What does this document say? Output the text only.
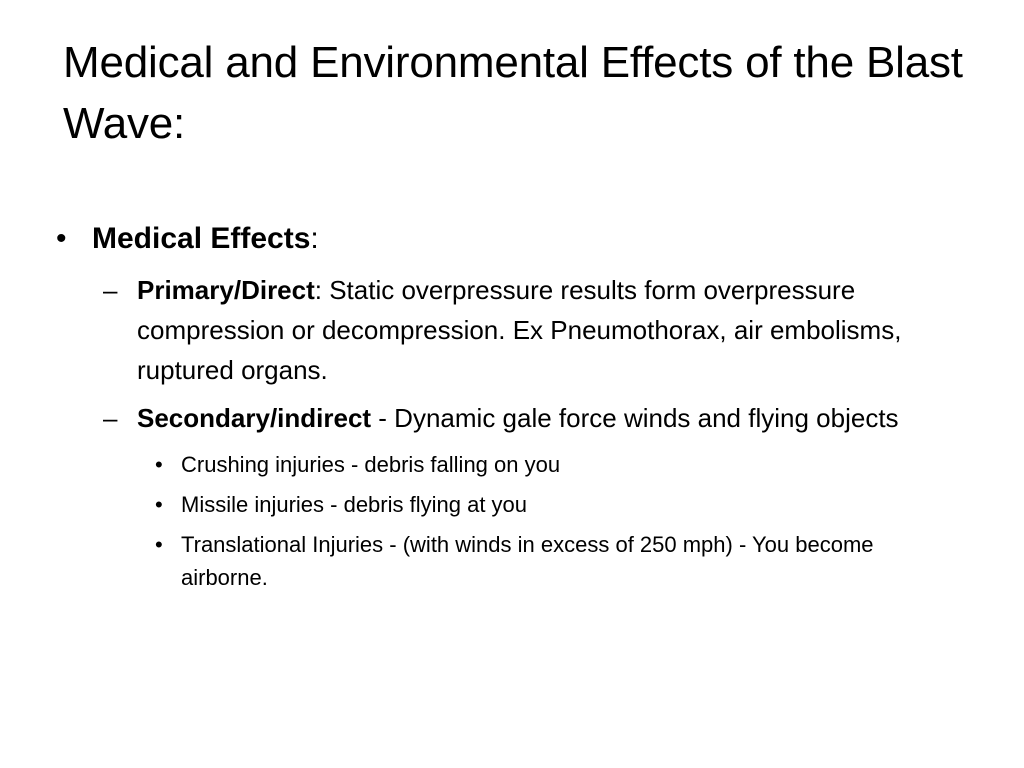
Medical and Environmental Effects of the Blast Wave:
• Medical Effects:
– Primary/Direct: Static overpressure results form overpressure compression or decompression. Ex Pneumothorax, air embolisms, ruptured organs.
– Secondary/indirect - Dynamic gale force winds and flying objects
• Crushing injuries - debris falling on you
• Missile injuries - debris flying at you
• Translational Injuries - (with winds in excess of 250 mph) - You become airborne.
